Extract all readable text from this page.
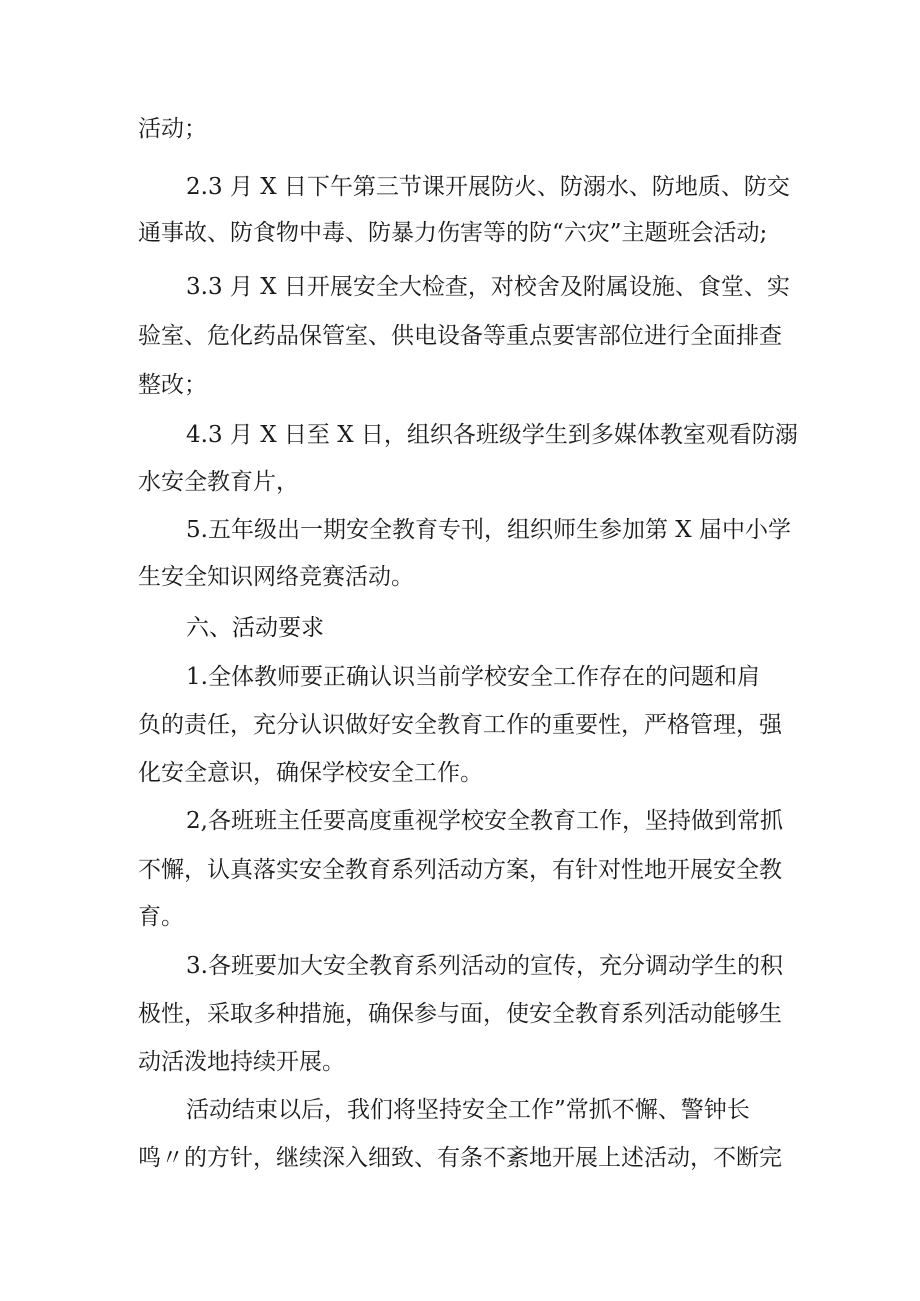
活动；
2.3 月 X 日下午第三节课开展防火、防溺水、防地质、防交
通事故、防食物中毒、防暴力伤害等的防“六灾”主题班会活动;
3.3 月 X 日开展安全大检查，对校舍及附属设施、食堂、实
验室、危化药品保管室、供电设备等重点要害部位进行全面排查
整改；
4.3 月 X 日至 X 日，组织各班级学生到多媒体教室观看防溺
水安全教育片，
5.五年级出一期安全教育专刊，组织师生参加第 X 届中小学
生安全知识网络竞赛活动。
六、活动要求
1.全体教师要正确认识当前学校安全工作存在的问题和肩
负的责任，充分认识做好安全教育工作的重要性，严格管理，强
化安全意识，确保学校安全工作。
2,各班班主任要高度重视学校安全教育工作，坚持做到常抓
不懈，认真落实安全教育系列活动方案，有针对性地开展安全教
育。
3.各班要加大安全教育系列活动的宣传，充分调动学生的积
极性，采取多种措施，确保参与面，使安全教育系列活动能够生
动活泼地持续开展。
活动结束以后，我们将坚持安全工作”常抓不懈、警钟长
鸣〃的方针，继续深入细致、有条不紊地开展上述活动，不断完
